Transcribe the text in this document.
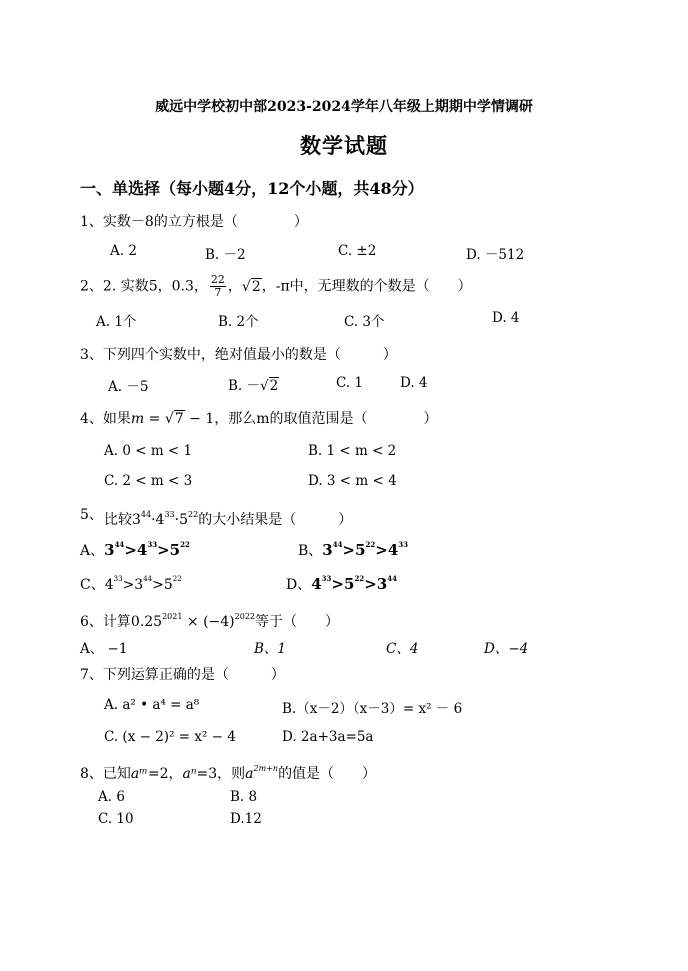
威远中学校初中部2023-2024学年八年级上期期中学情调研
数学试题
一、单选择（每小题4分，12个小题，共48分）
1、实数－8的立方根是（　　　　）
A. 2	B. －2	C. ±2	D. －512
2、2. 实数5，0.3， $\frac{22}{7}$ ，√2，-π中，无理数的个数是（　　）
A. 1个	B. 2个	C. 3个	D. 4
3、下列四个实数中，绝对值最小的数是（　　　）
A. －5	B. －√2	C. 1	D. 4
4、如果m = √7 − 1，那么m的取值范围是（　　　　）
A. 0 < m < 1	B. 1 < m < 2
C. 2 < m < 3	D. 3 < m < 4
5、 比较$3^{44}\cdot 4^{33}\cdot 5^{22}$的大小结果是（　　　）
A、$3^{44}>4^{33}>5^{22}$	B、$3^{44}>5^{22}>4^{33}$
C、$4^{33}>3^{44}>5^{22}$	D、$4^{33}>5^{22}>3^{44}$
6、计算$0.25^{2021} \times (-4)^{2022}$等于（　　）
A、 −1	B、1	C、4	D、−4
7、下列运算正确的是（　　　）
A. a² • a⁴ = a⁸	B.（x－2）（x－3）= x² － 6
C. (x − 2)² = x² − 4	D. 2a+3a=5a
8、已知aᵐ=2，aⁿ=3，则$a^{2m+n}$的值是（　　）
A. 6	B. 8
C. 10	D.12
